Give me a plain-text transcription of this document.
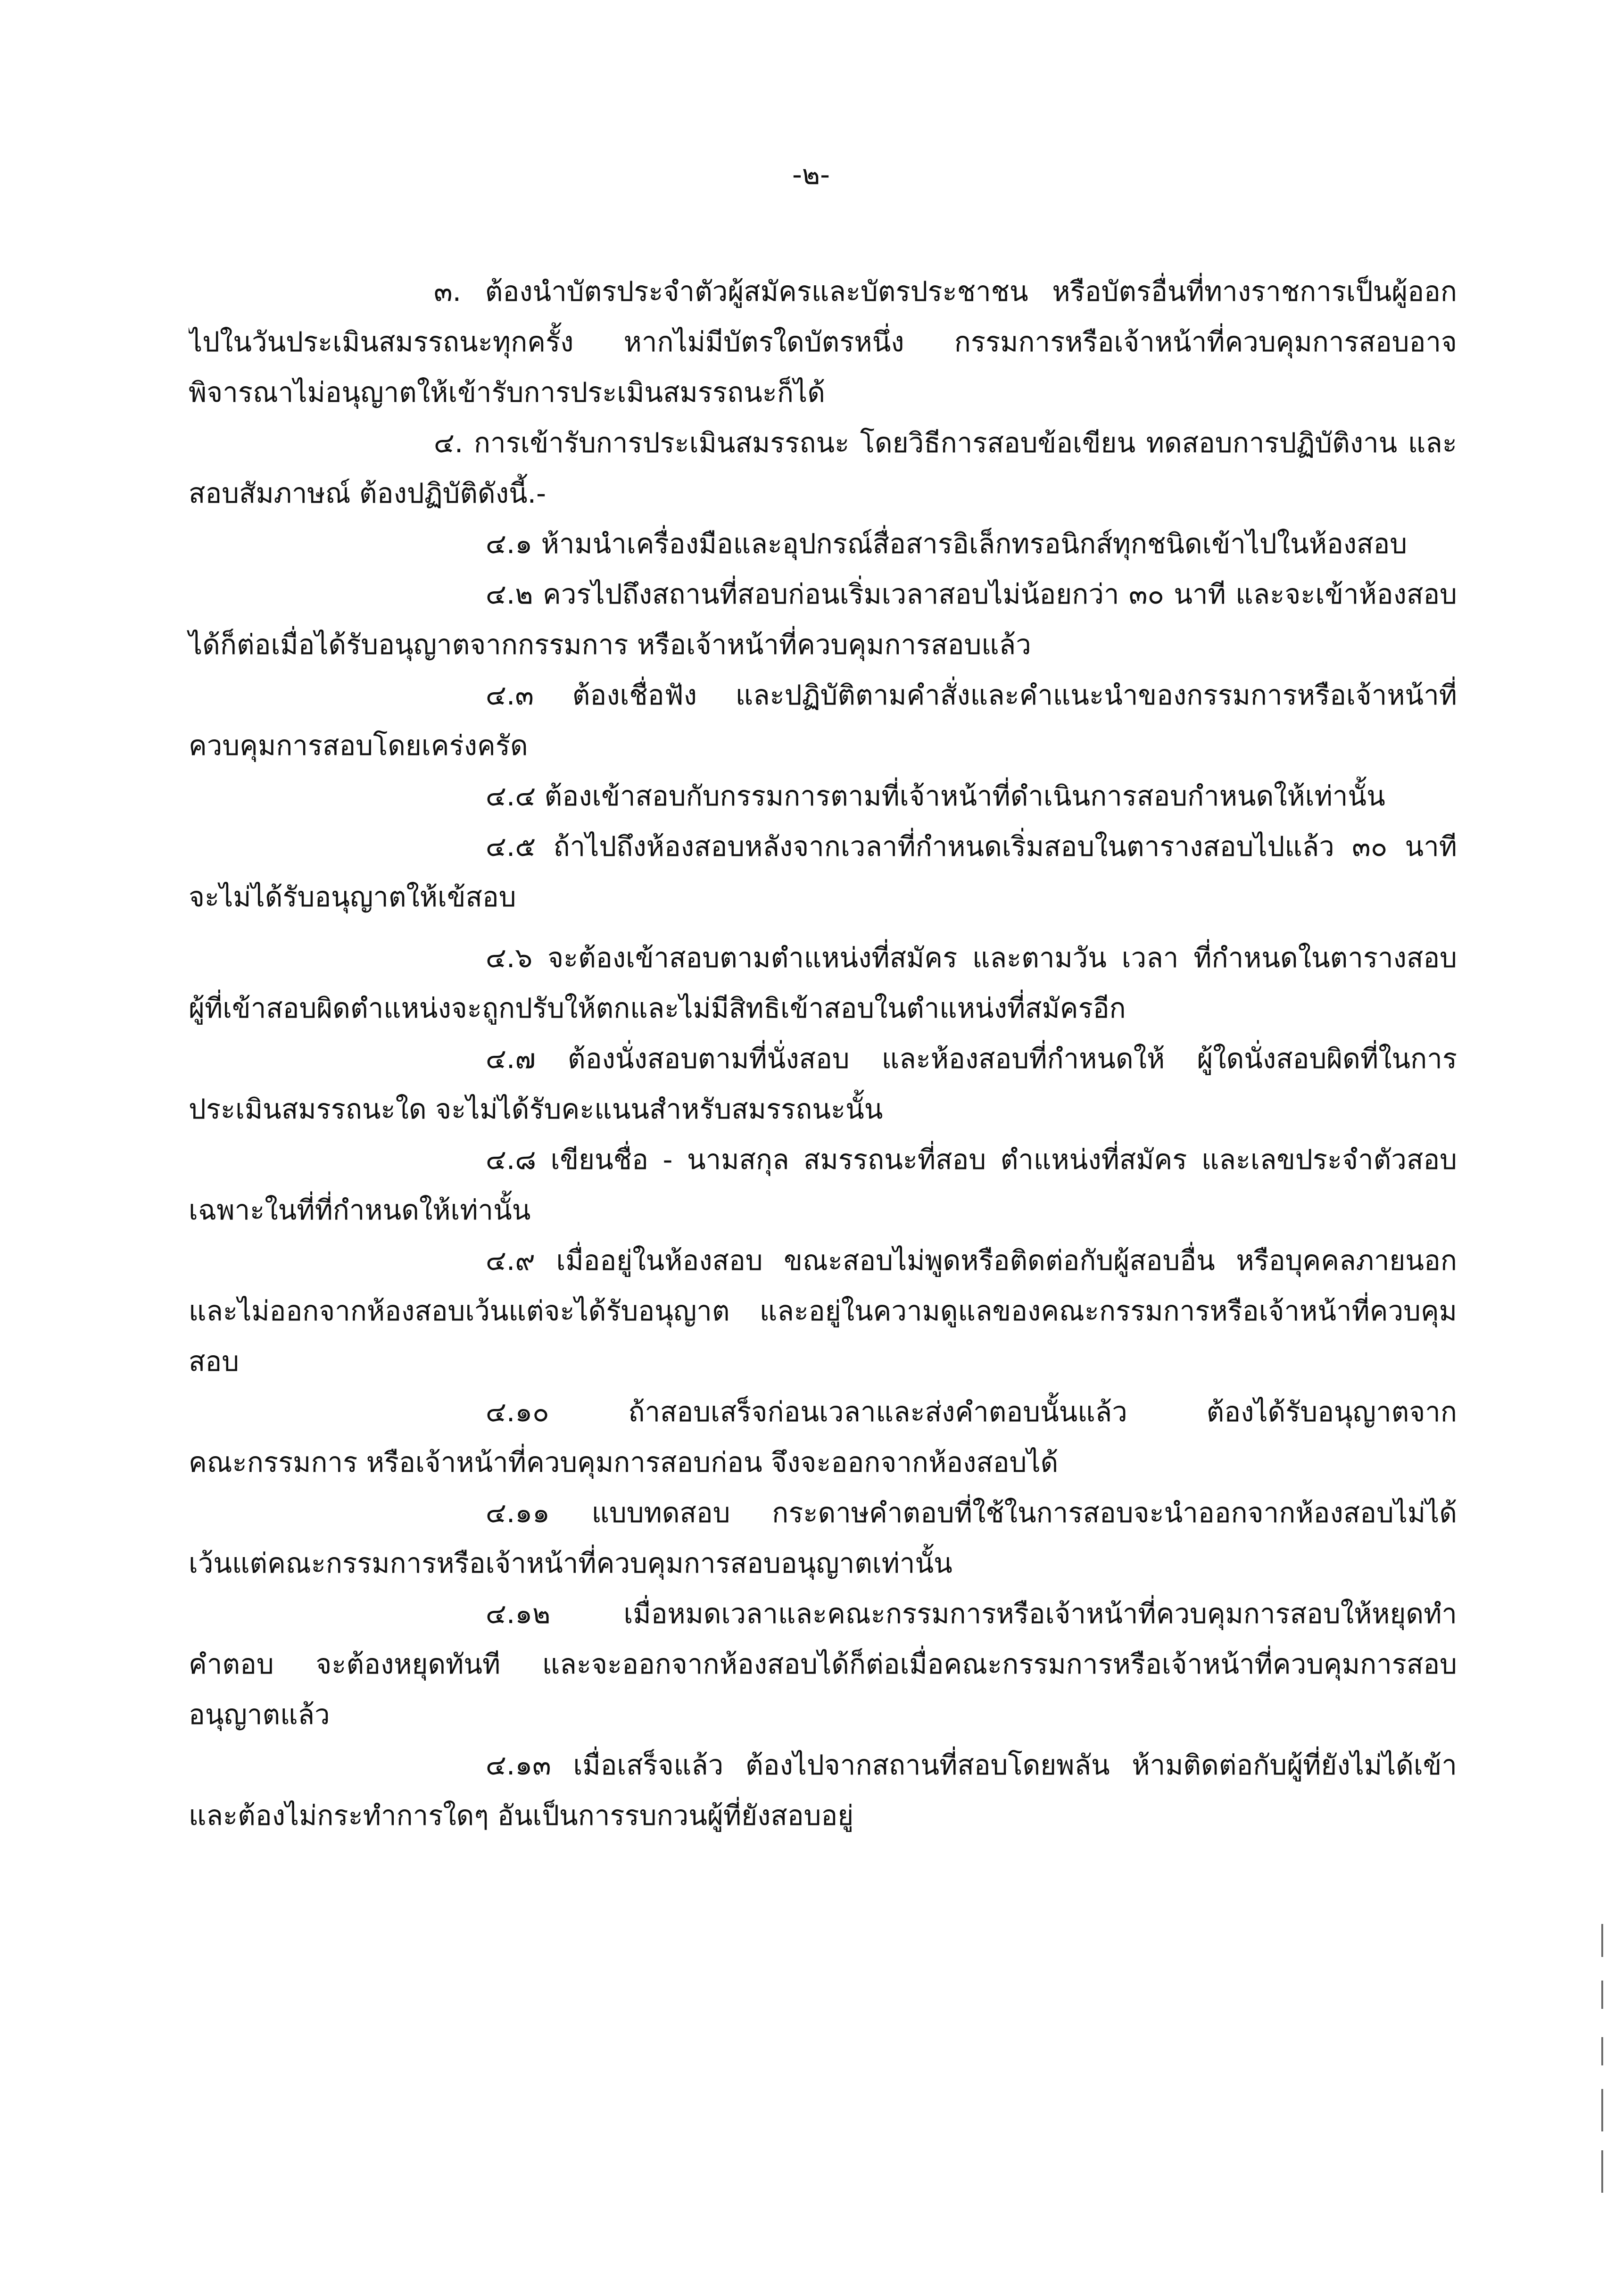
-๒-
๓. ต้องนำบัตรประจำตัวผู้สมัครและบัตรประชาชน หรือบัตรอื่นที่ทางราชการเป็นผู้ออก
ไปในวันประเมินสมรรถนะทุกครั้ง หากไม่มีบัตรใดบัตรหนึ่ง กรรมการหรือเจ้าหน้าที่ควบคุมการสอบอาจ
พิจารณาไม่อนุญาตให้เข้ารับการประเมินสมรรถนะก็ได้
๔. การเข้ารับการประเมินสมรรถนะ โดยวิธีการสอบข้อเขียน ทดสอบการปฏิบัติงาน และ
สอบสัมภาษณ์ ต้องปฏิบัติดังนี้.-
๔.๑ ห้ามนำเครื่องมือและอุปกรณ์สื่อสารอิเล็กทรอนิกส์ทุกชนิดเข้าไปในห้องสอบ
๔.๒ ควรไปถึงสถานที่สอบก่อนเริ่มเวลาสอบไม่น้อยกว่า ๓๐ นาที และจะเข้าห้องสอบ
ได้ก็ต่อเมื่อได้รับอนุญาตจากกรรมการ หรือเจ้าหน้าที่ควบคุมการสอบแล้ว
๔.๓ ต้องเชื่อฟัง และปฏิบัติตามคำสั่งและคำแนะนำของกรรมการหรือเจ้าหน้าที่
ควบคุมการสอบโดยเคร่งครัด
๔.๔ ต้องเข้าสอบกับกรรมการตามที่เจ้าหน้าที่ดำเนินการสอบกำหนดให้เท่านั้น
๔.๕ ถ้าไปถึงห้องสอบหลังจากเวลาที่กำหนดเริ่มสอบในตารางสอบไปแล้ว ๓๐ นาที
จะไม่ได้รับอนุญาตให้เข้สอบ
๔.๖ จะต้องเข้าสอบตามตำแหน่งที่สมัคร และตามวัน เวลา ที่กำหนดในตารางสอบ
ผู้ที่เข้าสอบผิดตำแหน่งจะถูกปรับให้ตกและไม่มีสิทธิเข้าสอบในตำแหน่งที่สมัครอีก
๔.๗ ต้องนั่งสอบตามที่นั่งสอบ และห้องสอบที่กำหนดให้ ผู้ใดนั่งสอบผิดที่ในการ
ประเมินสมรรถนะใด จะไม่ได้รับคะแนนสำหรับสมรรถนะนั้น
๔.๘ เขียนชื่อ - นามสกุล สมรรถนะที่สอบ ตำแหน่งที่สมัคร และเลขประจำตัวสอบ
เฉพาะในที่ที่กำหนดให้เท่านั้น
๔.๙ เมื่ออยู่ในห้องสอบ ขณะสอบไม่พูดหรือติดต่อกับผู้สอบอื่น หรือบุคคลภายนอก
และไม่ออกจากห้องสอบเว้นแต่จะได้รับอนุญาต และอยู่ในความดูแลของคณะกรรมการหรือเจ้าหน้าที่ควบคุม
สอบ
๔.๑๐ ถ้าสอบเสร็จก่อนเวลาและส่งคำตอบนั้นแล้ว ต้องได้รับอนุญาตจาก
คณะกรรมการ หรือเจ้าหน้าที่ควบคุมการสอบก่อน จึงจะออกจากห้องสอบได้
๔.๑๑ แบบทดสอบ กระดาษคำตอบที่ใช้ในการสอบจะนำออกจากห้องสอบไม่ได้
เว้นแต่คณะกรรมการหรือเจ้าหน้าที่ควบคุมการสอบอนุญาตเท่านั้น
๔.๑๒ เมื่อหมดเวลาและคณะกรรมการหรือเจ้าหน้าที่ควบคุมการสอบให้หยุดทำ
คำตอบ จะต้องหยุดทันที และจะออกจากห้องสอบได้ก็ต่อเมื่อคณะกรรมการหรือเจ้าหน้าที่ควบคุมการสอบ
อนุญาตแล้ว
๔.๑๓ เมื่อเสร็จแล้ว ต้องไปจากสถานที่สอบโดยพลัน ห้ามติดต่อกับผู้ที่ยังไม่ได้เข้า
และต้องไม่กระทำการใดๆ อันเป็นการรบกวนผู้ที่ยังสอบอยู่
